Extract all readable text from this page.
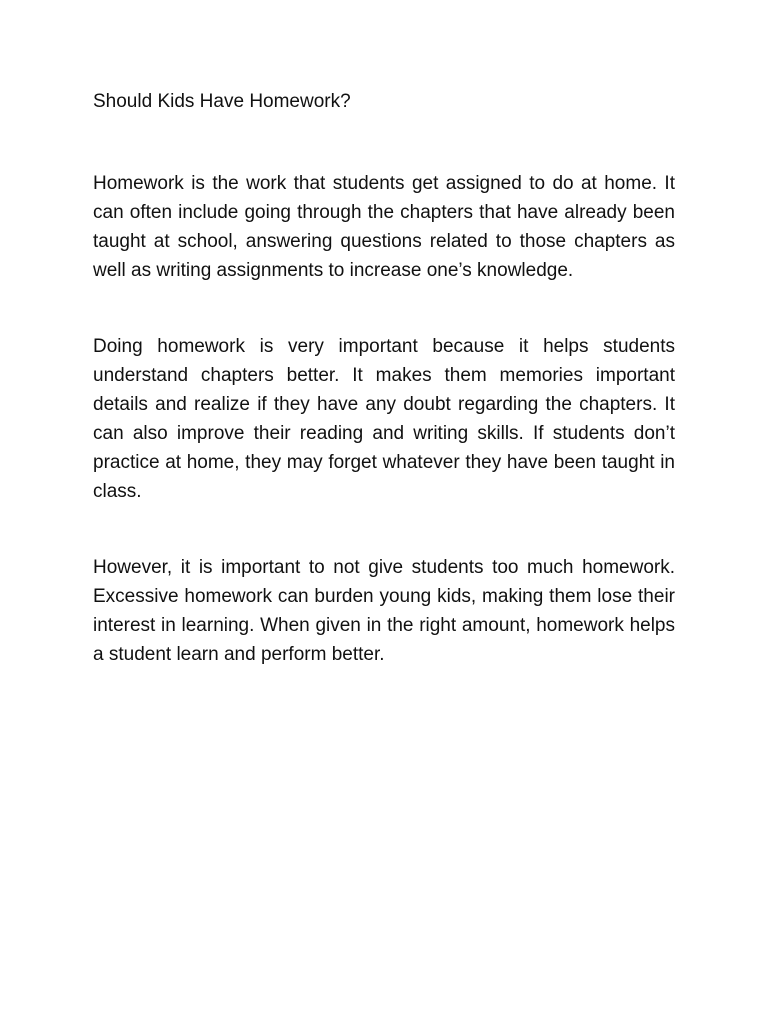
Should Kids Have Homework?

Homework is the work that students get assigned to do at home. It can often include going through the chapters that have already been taught at school, answering questions related to those chapters as well as writing assignments to increase one’s knowledge.

Doing homework is very important because it helps students understand chapters better. It makes them memories important details and realize if they have any doubt regarding the chapters. It can also improve their reading and writing skills. If students don’t practice at home, they may forget whatever they have been taught in class.

However, it is important to not give students too much homework. Excessive homework can burden young kids, making them lose their interest in learning. When given in the right amount, homework helps a student learn and perform better.
